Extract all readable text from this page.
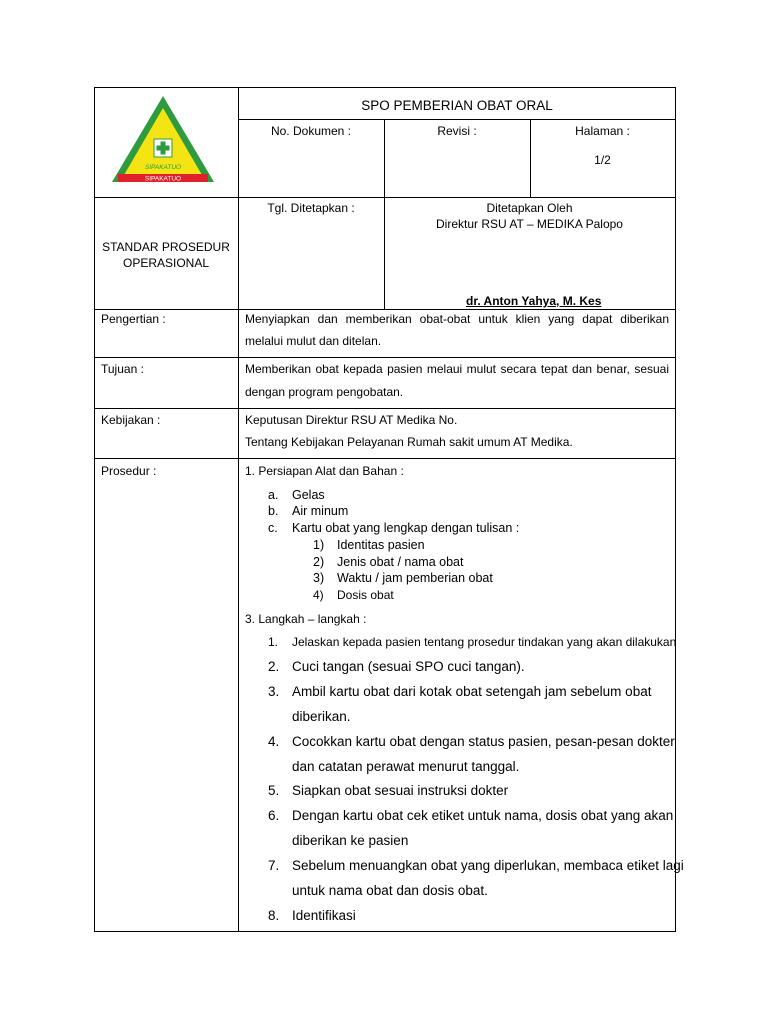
SIPAKATUO
SIPAKATUO
SPO PEMBERIAN OBAT ORAL
No. Dokumen :	Revisi :	Halaman :
1/2
STANDAR PROSEDUR
OPERASIONAL
Tgl. Ditetapkan :	Ditetapkan Oleh
Direktur RSU AT – MEDIKA Palopo
dr. Anton Yahya, M. Kes
Pengertian :	Menyiapkan dan memberikan obat-obat untuk klien yang dapat diberikan
melalui mulut dan ditelan.
Tujuan :	Memberikan obat kepada pasien melaui mulut secara tepat dan benar, sesuai
dengan program pengobatan.
Kebijakan :	Keputusan Direktur RSU AT Medika No.
Tentang Kebijakan Pelayanan Rumah sakit umum AT Medika.
Prosedur :	1. Persiapan Alat dan Bahan :
a. Gelas
b. Air minum
c. Kartu obat yang lengkap dengan tulisan :
1) Identitas pasien
2) Jenis obat / nama obat
3) Waktu / jam pemberian obat
4) Dosis obat
3. Langkah – langkah :
1. Jelaskan kepada pasien tentang prosedur tindakan yang akan dilakukan
2. Cuci tangan (sesuai SPO cuci tangan).
3. Ambil kartu obat dari kotak obat setengah jam sebelum obat
diberikan.
4. Cocokkan kartu obat dengan status pasien, pesan-pesan dokter
dan catatan perawat menurut tanggal.
5. Siapkan obat sesuai instruksi dokter
6. Dengan kartu obat cek etiket untuk nama, dosis obat yang akan
diberikan ke pasien
7. Sebelum menuangkan obat yang diperlukan, membaca etiket lagi
untuk nama obat dan dosis obat.
8. Identifikasi
